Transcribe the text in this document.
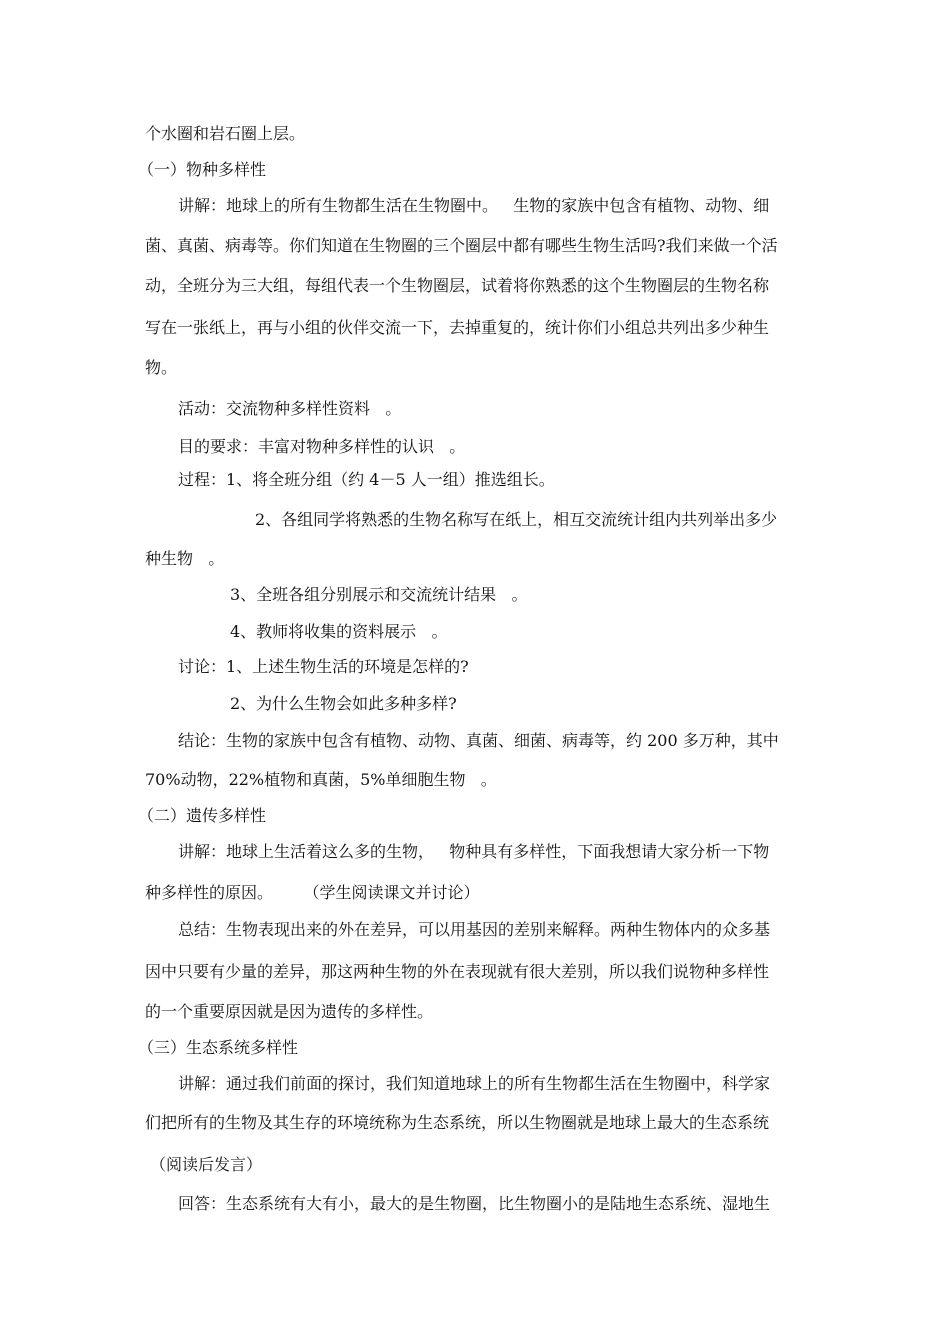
个水圈和岩石圈上层。
（一）物种多样性
讲解：地球上的所有生物都生活在生物圈中。   生物的家族中包含有植物、动物、细
菌、真菌、病毒等。你们知道在生物圈的三个圈层中都有哪些生物生活吗?我们来做一个活
动，全班分为三大组，每组代表一个生物圈层，试着将你熟悉的这个生物圈层的生物名称
写在一张纸上，再与小组的伙伴交流一下，去掉重复的，统计你们小组总共列出多少种生
物。
活动：交流物种多样性资料   。
目的要求：丰富对物种多样性的认识   。
过程：1、将全班分组（约 4－5 人一组）推选组长。
2、各组同学将熟悉的生物名称写在纸上，相互交流统计组内共列举出多少
种生物   。
3、全班各组分别展示和交流统计结果   。
4、教师将收集的资料展示   。
讨论：1、上述生物生活的环境是怎样的?
2、为什么生物会如此多种多样?
结论：生物的家族中包含有植物、动物、真菌、细菌、病毒等，约 200 多万种，其中
70%动物，22%植物和真菌，5%单细胞生物   。
（二）遗传多样性
讲解：地球上生活着这么多的生物，   物种具有多样性，下面我想请大家分析一下物
种多样性的原因。      （学生阅读课文并讨论）
总结：生物表现出来的外在差异，可以用基因的差别来解释。两种生物体内的众多基
因中只要有少量的差异，那这两种生物的外在表现就有很大差别，所以我们说物种多样性
的一个重要原因就是因为遗传的多样性。
（三）生态系统多样性
讲解：通过我们前面的探讨，我们知道地球上的所有生物都生活在生物圈中，科学家
们把所有的生物及其生存的环境统称为生态系统，所以生物圈就是地球上最大的生态系统
（阅读后发言）
回答：生态系统有大有小，最大的是生物圈，比生物圈小的是陆地生态系统、湿地生
